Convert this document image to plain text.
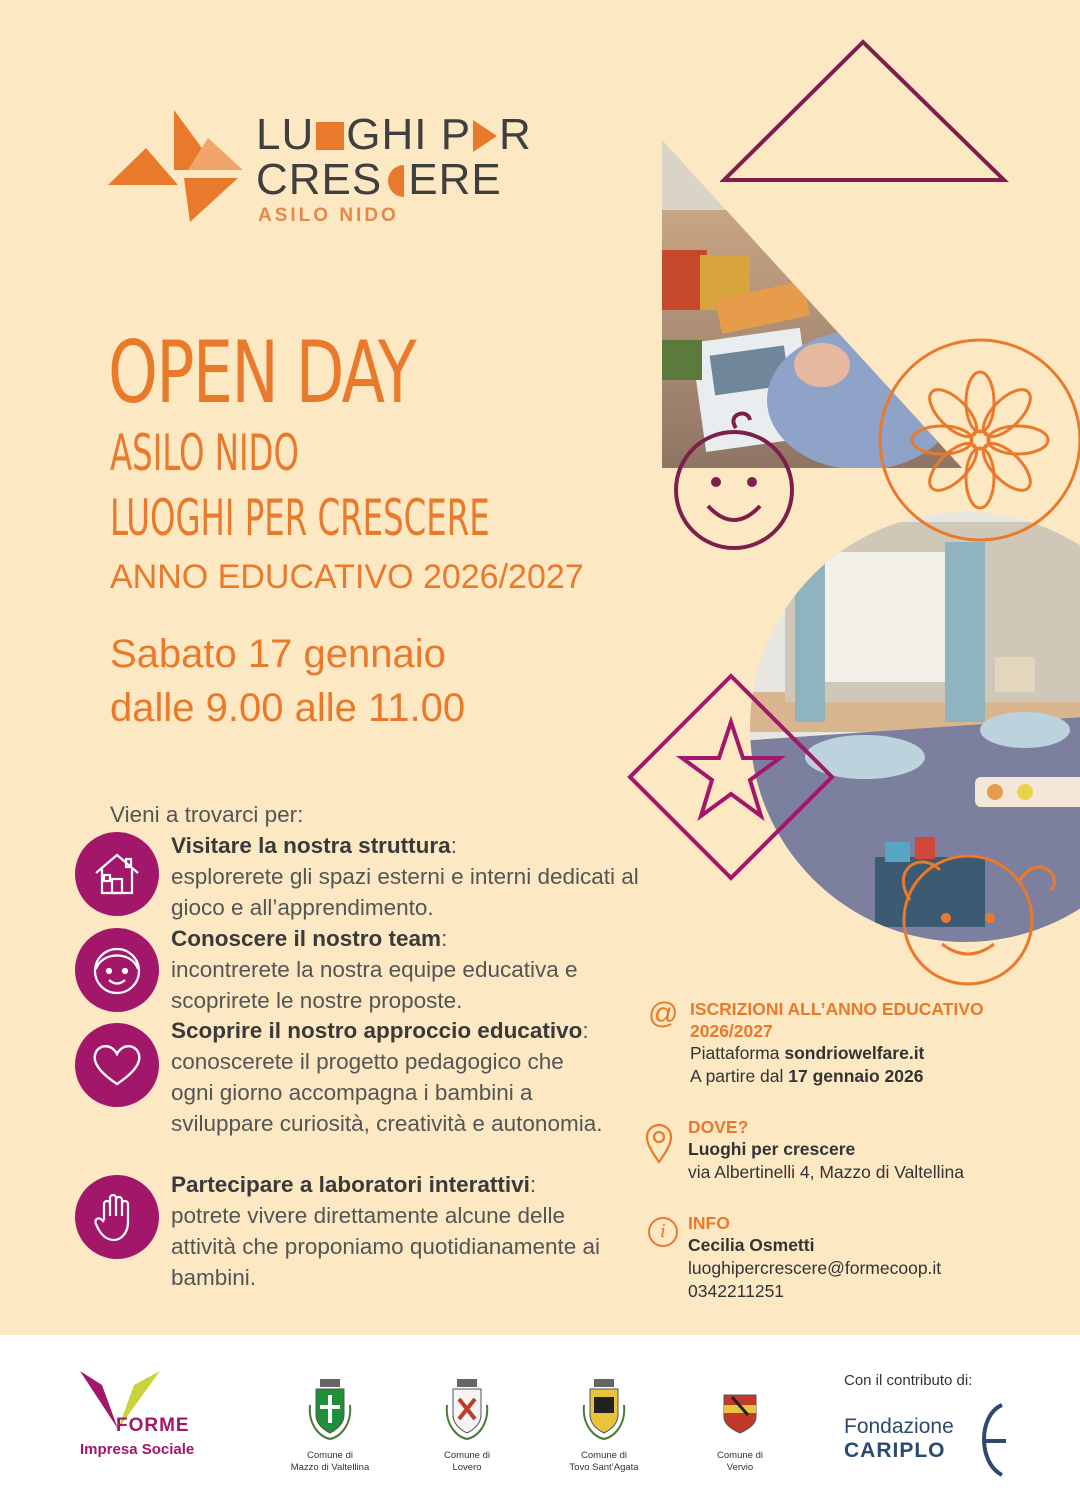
LU GHI P R
CRES ERE
ASILO NIDO
OPEN DAY
ASILO NIDO
LUOGHI PER CRESCERE
ANNO EDUCATIVO 2026/2027
Sabato 17 gennaio
dalle 9.00 alle 11.00
Vieni a trovarci per:
Visitare la nostra struttura:
esplorerete gli spazi esterni e interni dedicati al gioco e all’apprendimento.
Conoscere il nostro team:
incontrerete la nostra equipe educativa e scoprirete le nostre proposte.
Scoprire il nostro approccio educativo: conoscerete il progetto pedagogico che ogni giorno accompagna i bambini a sviluppare curiosità, creatività e autonomia.
Partecipare a laboratori interattivi:
potrete vivere direttamente alcune delle attività che proponiamo quotidianamente ai bambini.
@ ISCRIZIONI ALL’ANNO EDUCATIVO 2026/2027
Piattaforma sondriowelfare.it
A partire dal 17 gennaio 2026
DOVE?
Luoghi per crescere
via Albertinelli 4, Mazzo di Valtellina
i	INFO
Cecilia Osmetti
luoghipercrescere@formecoop.it
0342211251
FORME
Impresa Sociale	Comune di
Mazzo di Valtellina
Comune di
Lovero
Comune di
Tovo Sant’Agata
Comune di
Vervio
Con il contributo di:
Fondazione
CARIPLO
